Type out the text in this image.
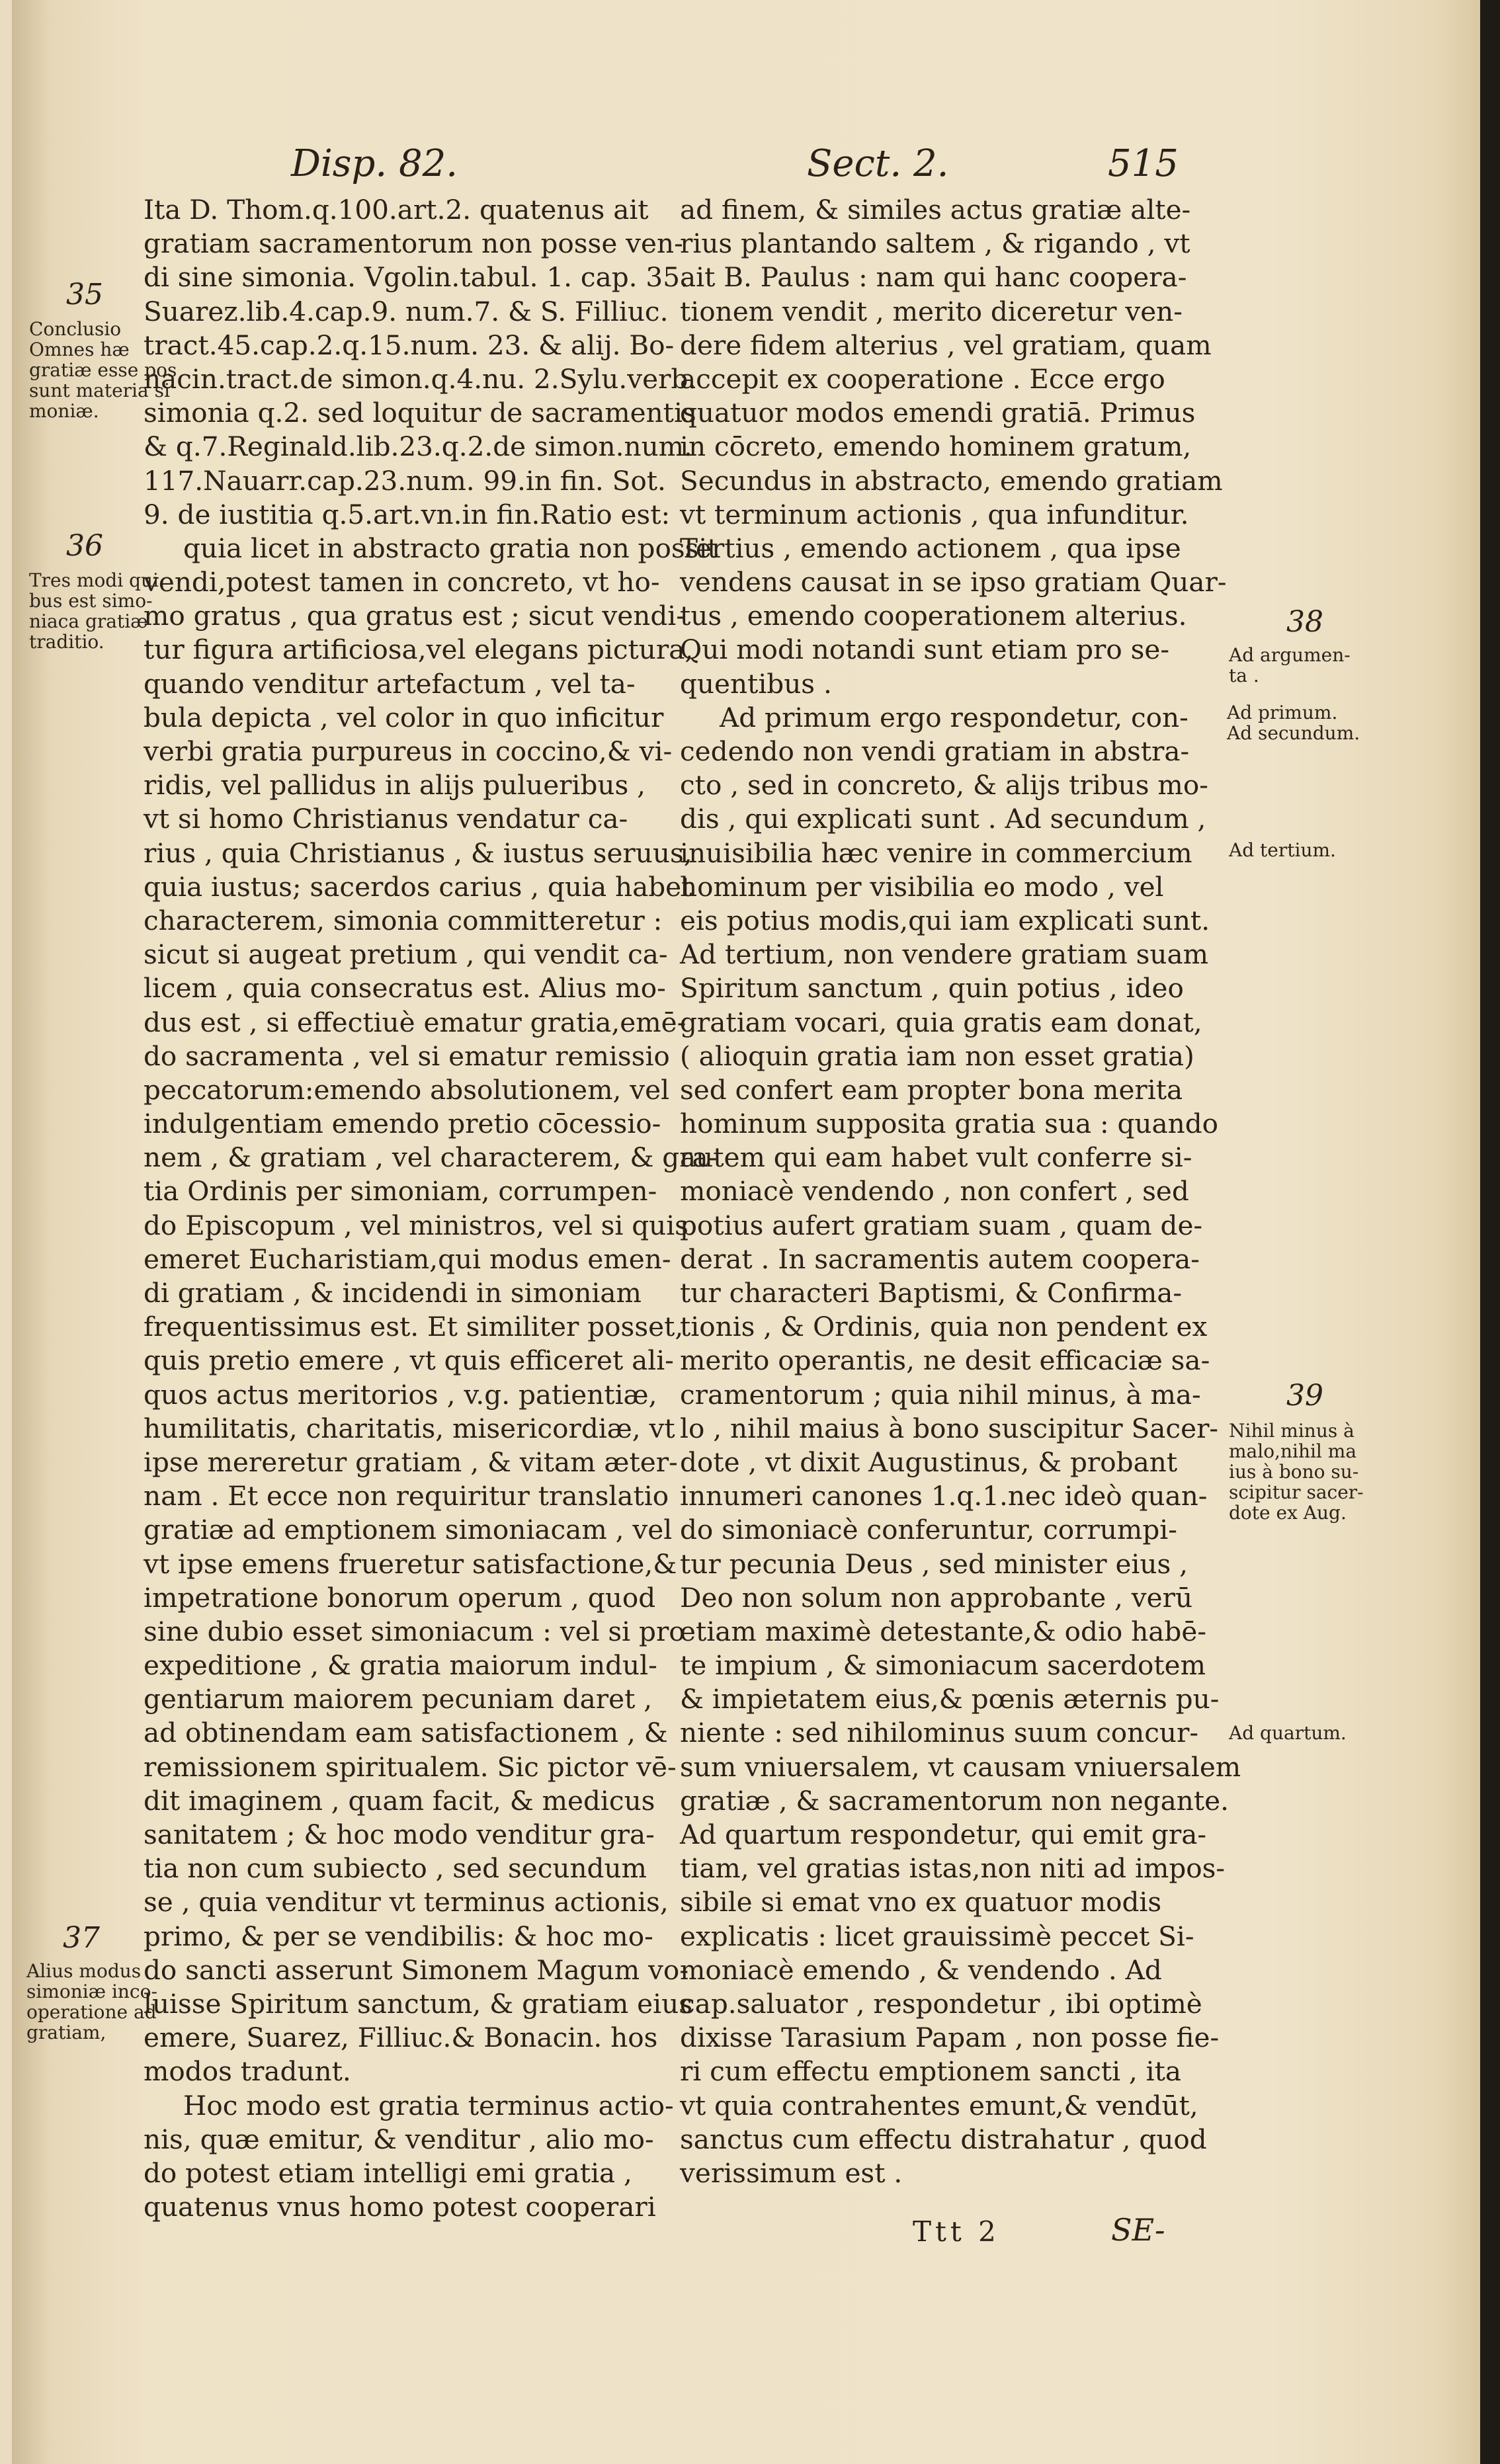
Disp. 82.	Sect. 2.	515
Ita D. Thom.q.100.art.2. quatenus ait
gratiam sacramentorum non posse ven-
di sine simonia. Vgolin.tabul. 1. cap. 35.
Suarez.lib.4.cap.9. num.7. & S. Filliuc.
tract.45.cap.2.q.15.num. 23. & alij. Bo-
nacin.tract.de simon.q.4.nu. 2.Sylu.verb.
simonia q.2. sed loquitur de sacramentis
& q.7.Reginald.lib.23.q.2.de simon.num.
117.Nauarr.cap.23.num. 99.in fin. Sot.
9. de iustitia q.5.art.vn.in fin.Ratio est:
quia licet in abstracto gratia non possit
vendi,potest tamen in concreto, vt ho-
mo gratus , qua gratus est ; sicut vendi-
tur figura artificiosa,vel elegans pictura,
quando venditur artefactum , vel ta-
bula depicta , vel color in quo inficitur
verbi gratia purpureus in coccino,& vi-
ridis, vel pallidus in alijs pulueribus ,
vt si homo Christianus vendatur ca-
rius , quia Christianus , & iustus seruus,
quia iustus; sacerdos carius , quia habet
characterem, simonia committeretur :
sicut si augeat pretium , qui vendit ca-
licem , quia consecratus est. Alius mo-
dus est , si effectiuè ematur gratia,emē-
do sacramenta , vel si ematur remissio
peccatorum:emendo absolutionem, vel
indulgentiam emendo pretio cōcessio-
nem , & gratiam , vel characterem, & gra-
tia Ordinis per simoniam, corrumpen-
do Episcopum , vel ministros, vel si quis
emeret Eucharistiam,qui modus emen-
di gratiam , & incidendi in simoniam
frequentissimus est. Et similiter posset,
quis pretio emere , vt quis efficeret ali-
quos actus meritorios , v.g. patientiæ,
humilitatis, charitatis, misericordiæ, vt
ipse mereretur gratiam , & vitam æter-
nam . Et ecce non requiritur translatio
gratiæ ad emptionem simoniacam , vel
vt ipse emens frueretur satisfactione,&
impetratione bonorum operum , quod
sine dubio esset simoniacum : vel si pro
expeditione , & gratia maiorum indul-
gentiarum maiorem pecuniam daret ,
ad obtinendam eam satisfactionem , &
remissionem spiritualem. Sic pictor vē-
dit imaginem , quam facit, & medicus
sanitatem ; & hoc modo venditur gra-
tia non cum subiecto , sed secundum
se , quia venditur vt terminus actionis,
primo, & per se vendibilis: & hoc mo-
do sancti asserunt Simonem Magum vo-
luisse Spiritum sanctum, & gratiam eius
emere, Suarez, Filliuc.& Bonacin. hos
modos tradunt.
Hoc modo est gratia terminus actio-
nis, quæ emitur, & venditur , alio mo-
do potest etiam intelligi emi gratia ,
quatenus vnus homo potest cooperari
ad finem, & similes actus gratiæ alte-
rius plantando saltem , & rigando , vt
ait B. Paulus : nam qui hanc coopera-
tionem vendit , merito diceretur ven-
dere fidem alterius , vel gratiam, quam
accepit ex cooperatione . Ecce ergo
quatuor modos emendi gratiā. Primus
in cōcreto, emendo hominem gratum,
Secundus in abstracto, emendo gratiam
vt terminum actionis , qua infunditur.
Tertius , emendo actionem , qua ipse
vendens causat in se ipso gratiam Quar-
tus , emendo cooperationem alterius.
Qui modi notandi sunt etiam pro se-
quentibus .
Ad primum ergo respondetur, con-
cedendo non vendi gratiam in abstra-
cto , sed in concreto, & alijs tribus mo-
dis , qui explicati sunt . Ad secundum ,
inuisibilia hæc venire in commercium
hominum per visibilia eo modo , vel
eis potius modis,qui iam explicati sunt.
Ad tertium, non vendere gratiam suam
Spiritum sanctum , quin potius , ideo
gratiam vocari, quia gratis eam donat,
( alioquin gratia iam non esset gratia)
sed confert eam propter bona merita
hominum supposita gratia sua : quando
autem qui eam habet vult conferre si-
moniacè vendendo , non confert , sed
potius aufert gratiam suam , quam de-
derat . In sacramentis autem coopera-
tur characteri Baptismi, & Confirma-
tionis , & Ordinis, quia non pendent ex
merito operantis, ne desit efficaciæ sa-
cramentorum ; quia nihil minus, à ma-
lo , nihil maius à bono suscipitur Sacer-
dote , vt dixit Augustinus, & probant
innumeri canones 1.q.1.nec ideò quan-
do simoniacè conferuntur, corrumpi-
tur pecunia Deus , sed minister eius ,
Deo non solum non approbante , verū
etiam maximè detestante,& odio habē-
te impium , & simoniacum sacerdotem
& impietatem eius,& pœnis æternis pu-
niente : sed nihilominus suum concur-
sum vniuersalem, vt causam vniuersalem
gratiæ , & sacramentorum non negante.
Ad quartum respondetur, qui emit gra-
tiam, vel gratias istas,non niti ad impos-
sibile si emat vno ex quatuor modis
explicatis : licet grauissimè peccet Si-
moniacè emendo , & vendendo . Ad
cap.saluator , respondetur , ibi optimè
dixisse Tarasium Papam , non posse fie-
ri cum effectu emptionem sancti , ita
vt quia contrahentes emunt,& vendūt,
sanctus cum effectu distrahatur , quod
verissimum est .
35
Conclusio
Omnes hæ
gratiæ esse pos
sunt materia si
moniæ.
36
Tres modi qui
bus est simo-
niaca gratiæ
traditio.
37
Alius modus
simoniæ inco-
operatione ad
gratiam,
38
Ad argumen-
ta .
Ad primum.
Ad secundum.
Ad tertium.
39
Nihil minus à
malo,nihil ma
ius à bono su-
scipitur sacer-
dote ex Aug.
Ad quartum.
Ttt 2	SE-
